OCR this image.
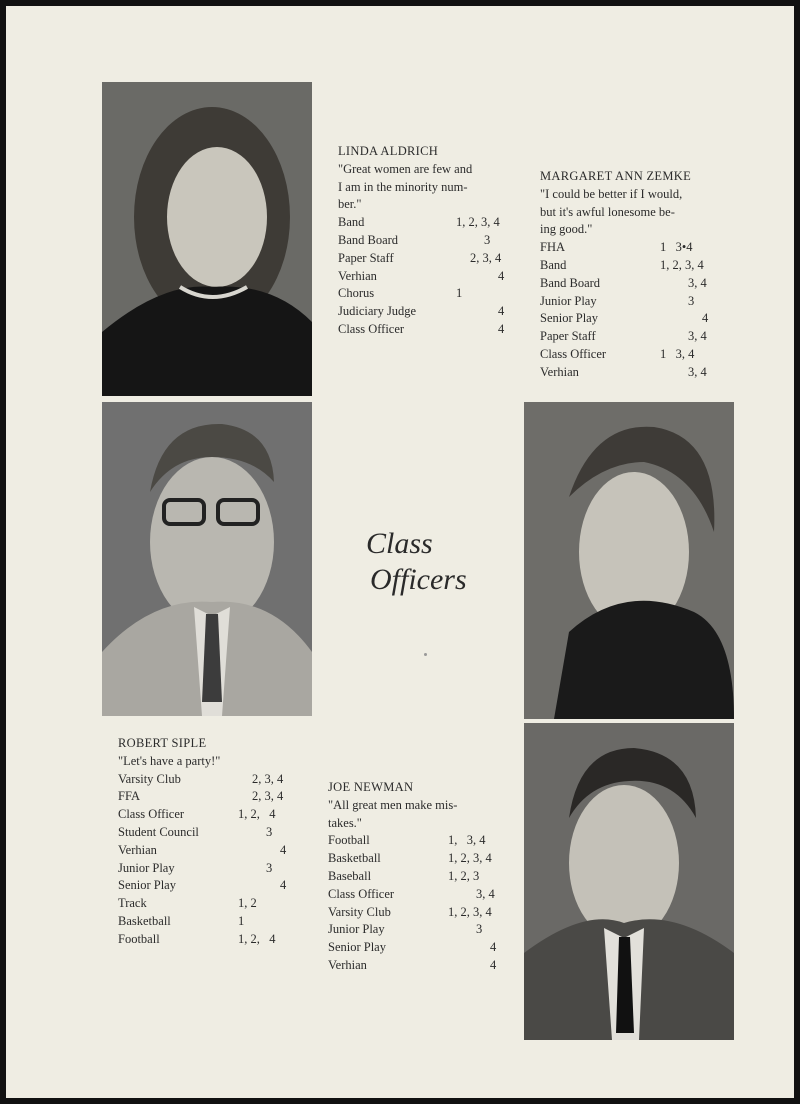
Class
Officers
LINDA ALDRICH
"Great women are few and
I am in the minority num-
ber."
Band	1, 2, 3, 4
Band Board	3
Paper Staff	2, 3, 4
Verhian	4
Chorus	1
Judiciary Judge	4
Class Officer	4
MARGARET ANN ZEMKE
"I could be better if I would,
but it's awful lonesome be-
ing good."
FHA	1   3•4
Band	1, 2, 3, 4
Band Board	3, 4
Junior Play	3
Senior Play	4
Paper Staff	3, 4
Class Officer	1   3, 4
Verhian	3, 4
ROBERT SIPLE
"Let's have a party!"
Varsity Club	2, 3, 4
FFA	2, 3, 4
Class Officer	1, 2,   4
Student Council	3
Verhian	4
Junior Play	3
Senior Play	4
Track	1, 2
Basketball	1
Football	1, 2,   4
JOE NEWMAN
"All great men make mis-
takes."
Football	1,   3, 4
Basketball	1, 2, 3, 4
Baseball	1, 2, 3
Class Officer	3, 4
Varsity Club	1, 2, 3, 4
Junior Play	3
Senior Play	4
Verhian	4
